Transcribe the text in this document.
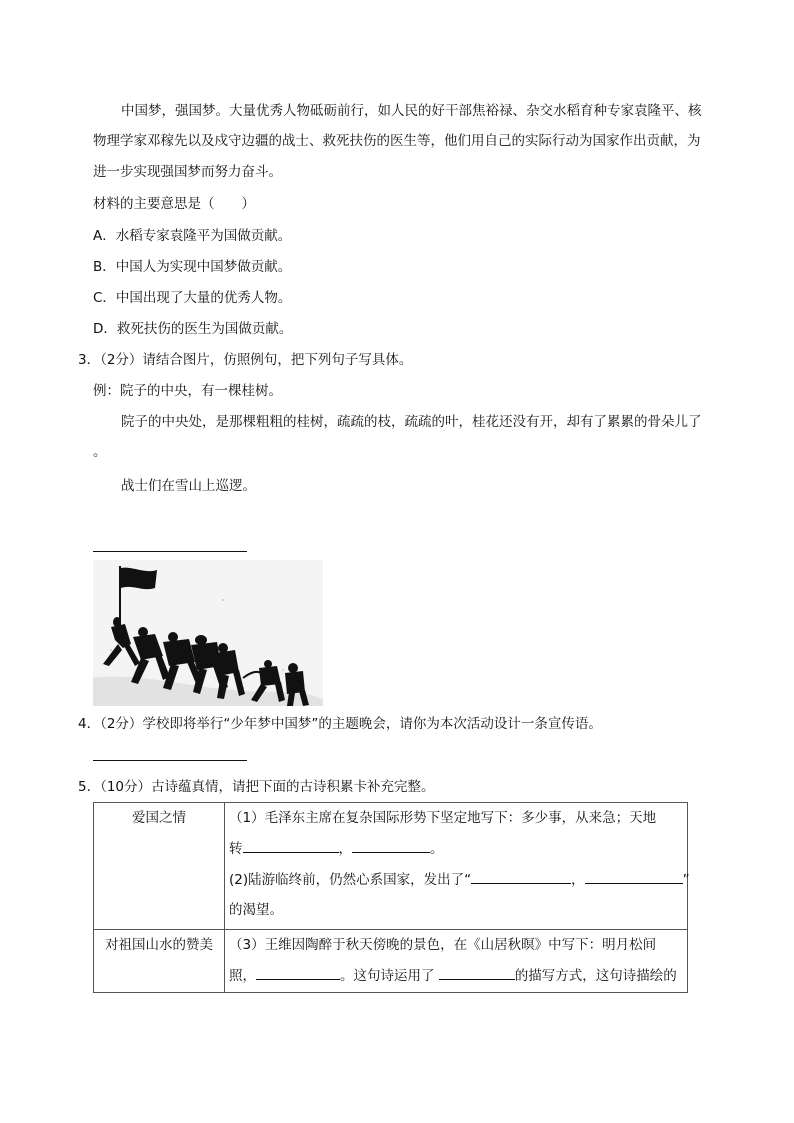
中国梦，强国梦。大量优秀人物砥砺前行，如人民的好干部焦裕禄、杂交水稻育种专家袁隆平、核
物理学家邓稼先以及戍守边疆的战士、救死扶伤的医生等，他们用自己的实际行动为国家作出贡献，为
进一步实现强国梦而努力奋斗。
材料的主要意思是（　　）
A．水稻专家袁隆平为国做贡献。
B．中国人为实现中国梦做贡献。
C．中国出现了大量的优秀人物。
D．救死扶伤的医生为国做贡献。
3．（2分）请结合图片，仿照例句，把下列句子写具体。
例：院子的中央，有一棵桂树。
院子的中央处，是那棵粗粗的桂树，疏疏的枝，疏疏的叶，桂花还没有开，却有了累累的骨朵儿了
。
战士们在雪山上巡逻。
4．（2分）学校即将举行“少年梦中国梦”的主题晚会，请你为本次活动设计一条宣传语。
5．（10分）古诗蕴真情，请把下面的古诗积累卡补充完整。
爱国之情	（1）毛泽东主席在复杂国际形势下坚定地写下：多少事，从来急；天地
转 ， 。
(2)陆游临终前，仍然心系国家，发出了“ ， ”
的渴望。

对祖国山水的赞美	（3）王维因陶醉于秋天傍晚的景色，在《山居秋暝》中写下：明月松间
照， 。这句诗运用了 的描写方式，这句诗描绘的
